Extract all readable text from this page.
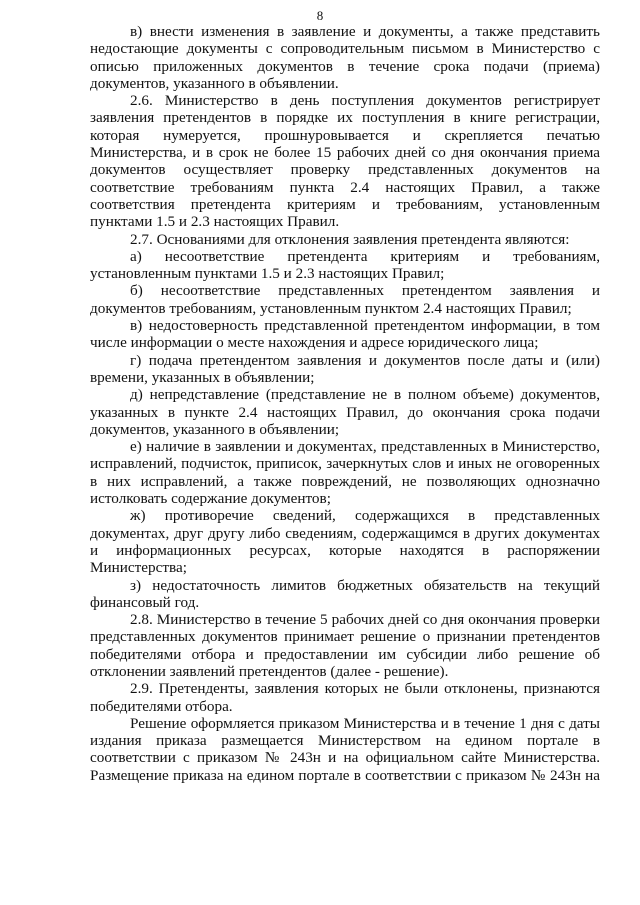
8

в) внести изменения в заявление и документы, а также представить недостающие документы с сопроводительным письмом в Министерство с описью приложенных документов в течение срока подачи (приема) документов, указанного в объявлении.

2.6. Министерство в день поступления документов регистрирует заявления претендентов в порядке их поступления в книге регистрации, которая нумеруется, прошнуровывается и скрепляется печатью Министерства, и в срок не более 15 рабочих дней со дня окончания приема документов осуществляет проверку представленных документов на соответствие требованиям пункта 2.4 настоящих Правил, а также соответствия претендента критериям и требованиям, установленным пунктами 1.5 и 2.3 настоящих Правил.

2.7. Основаниями для отклонения заявления претендента являются:

а) несоответствие претендента критериям и требованиям, установленным пунктами 1.5 и 2.3 настоящих Правил;

б) несоответствие представленных претендентом заявления и документов требованиям, установленным пунктом 2.4 настоящих Правил;

в) недостоверность представленной претендентом информации, в том числе информации о месте нахождения и адресе юридического лица;

г) подача претендентом заявления и документов после даты и (или) времени, указанных в объявлении;

д) непредставление (представление не в полном объеме) документов, указанных в пункте 2.4 настоящих Правил, до окончания срока подачи документов, указанного в объявлении;

е) наличие в заявлении и документах, представленных в Министерство, исправлений, подчисток, приписок, зачеркнутых слов и иных не оговоренных в них исправлений, а также повреждений, не позволяющих однозначно истолковать содержание документов;

ж) противоречие сведений, содержащихся в представленных документах, друг другу либо сведениям, содержащимся в других документах и информационных ресурсах, которые находятся в распоряжении Министерства;

з) недостаточность лимитов бюджетных обязательств на текущий финансовый год.

2.8. Министерство в течение 5 рабочих дней со дня окончания проверки представленных документов принимает решение о признании претендентов победителями отбора и предоставлении им субсидии либо решение об отклонении заявлений претендентов (далее - решение).

2.9. Претенденты, заявления которых не были отклонены, признаются победителями отбора.

Решение оформляется приказом Министерства и в течение 1 дня с даты издания приказа размещается Министерством на едином портале в соответствии с приказом № 243н и на официальном сайте Министерства. Размещение приказа на едином портале в соответствии с приказом № 243н на
